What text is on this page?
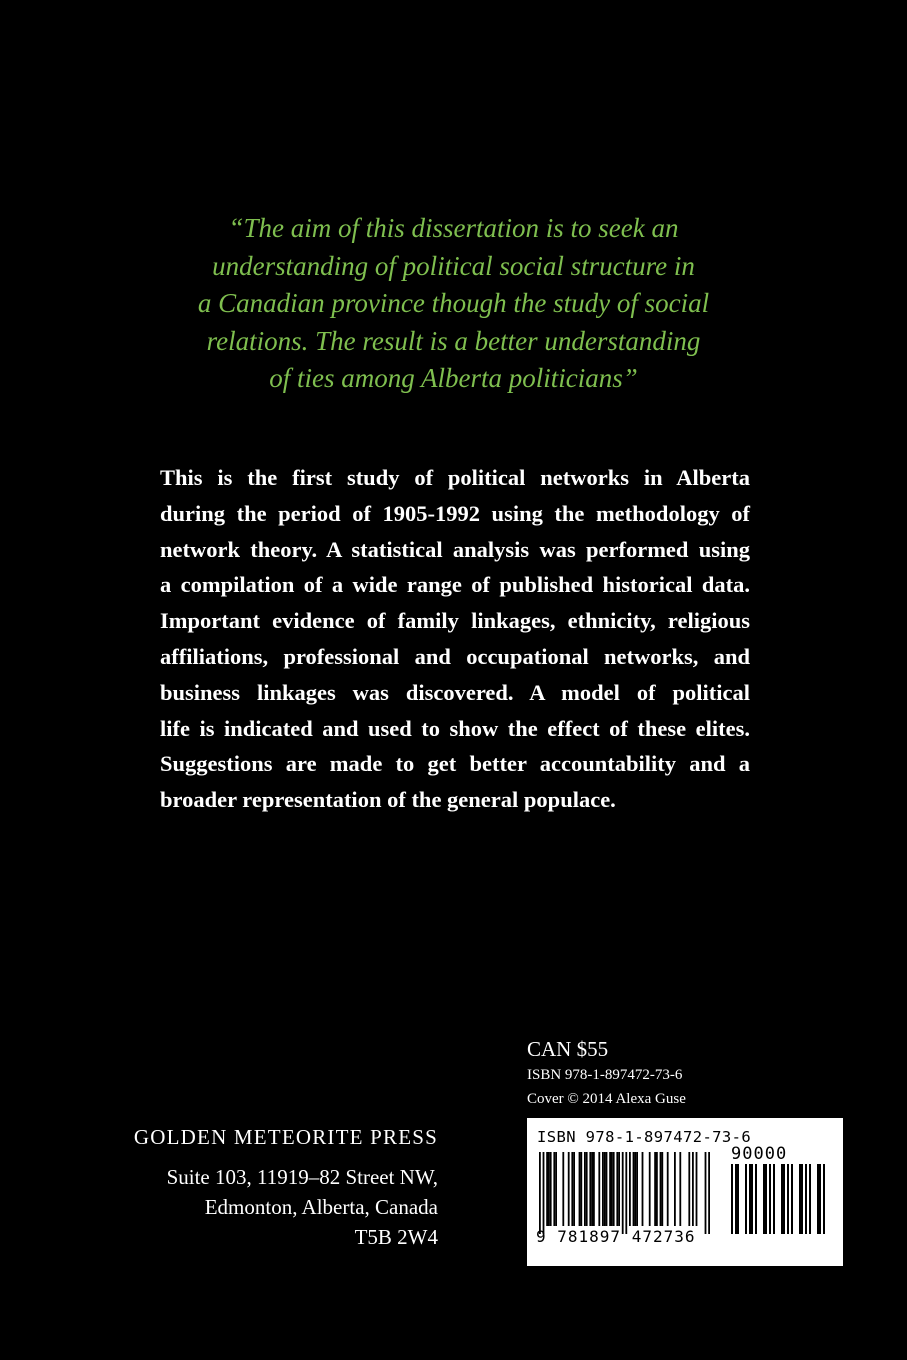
“The aim of this dissertation is to seek an
understanding of political social structure in
a Canadian province though the study of social
relations. The result is a better understanding
of ties among Alberta politicians”
This is the first study of political networks in Alberta
during the period of 1905-1992 using the methodology of
network theory. A statistical analysis was performed using
a compilation of a wide range of published historical data.
Important evidence of family linkages, ethnicity, religious
affiliations, professional and occupational networks, and
business linkages was discovered. A model of political
life is indicated and used to show the effect of these elites.
Suggestions are made to get better accountability and a
broader representation of the general populace.
CAN $55
ISBN 978-1-897472-73-6
Cover © 2014 Alexa Guse
GOLDEN METEORITE PRESS
Suite 103, 11919–82 Street NW,
Edmonton, Alberta, Canada
T5B 2W4
ISBN 978-1-897472-73-6
90000
9 781897 472736
